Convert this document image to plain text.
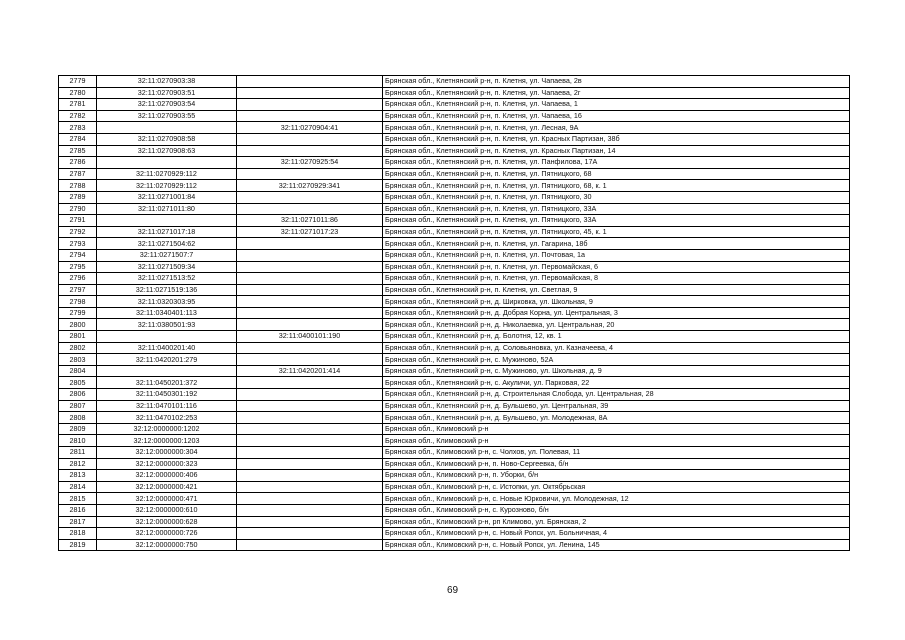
2779	32:11:0270903:38		Брянская обл., Клетнянский р-н, п. Клетня, ул. Чапаева, 2в
2780	32:11:0270903:51		Брянская обл., Клетнянский р-н, п. Клетня, ул. Чапаева, 2г
2781	32:11:0270903:54		Брянская обл., Клетнянский р-н, п. Клетня, ул. Чапаева, 1
2782	32:11:0270903:55		Брянская обл., Клетнянский р-н, п. Клетня, ул. Чапаева, 16
2783		32:11:0270904:41	Брянская обл., Клетнянский р-н, п. Клетня, ул. Лесная, 9А
2784	32:11:0270908:58		Брянская обл., Клетнянский р-н, п. Клетня, ул. Красных Партизан, 38б
2785	32:11:0270908:63		Брянская обл., Клетнянский р-н, п. Клетня, ул. Красных Партизан, 14
2786		32:11:0270925:54	Брянская обл., Клетнянский р-н, п. Клетня, ул. Панфилова, 17А
2787	32:11:0270929:112		Брянская обл., Клетнянский р-н, п. Клетня, ул. Пятницкого, 68
2788	32:11:0270929:112	32:11:0270929:341	Брянская обл., Клетнянский р-н, п. Клетня, ул. Пятницкого, 68, к. 1
2789	32:11:0271001:84		Брянская обл., Клетнянский р-н, п. Клетня, ул. Пятницкого, 30
2790	32:11:0271011:80		Брянская обл., Клетнянский р-н, п. Клетня, ул. Пятницкого, 33А
2791		32:11:0271011:86	Брянская обл., Клетнянский р-н, п. Клетня, ул. Пятницкого, 33А
2792	32:11:0271017:18	32:11:0271017:23	Брянская обл., Клетнянский р-н, п. Клетня, ул. Пятницкого, 45, к. 1
2793	32:11:0271504:62		Брянская обл., Клетнянский р-н, п. Клетня, ул. Гагарина, 18б
2794	32:11:0271507:7		Брянская обл., Клетнянский р-н, п. Клетня, ул. Почтовая, 1а
2795	32:11:0271509:34		Брянская обл., Клетнянский р-н, п. Клетня, ул. Первомайская, 6
2796	32:11:0271513:52		Брянская обл., Клетнянский р-н, п. Клетня, ул. Первомайская, 8
2797	32:11:0271519:136		Брянская обл., Клетнянский р-н, п. Клетня, ул. Светлая, 9
2798	32:11:0320303:95		Брянская обл., Клетнянский р-н, д. Ширковка, ул. Школьная, 9
2799	32:11:0340401:113		Брянская обл., Клетнянский р-н, д. Добрая Корна, ул. Центральная, 3
2800	32:11:0380501:93		Брянская обл., Клетнянский р-н, д. Николаевка, ул. Центральная, 20
2801		32:11:0400101:190	Брянская обл., Клетнянский р-н, д. Болотня, 12, кв. 1
2802	32:11:0400201:40		Брянская обл., Клетнянский р-н, д. Соловьяновка, ул. Казначеева, 4
2803	32:11:0420201:279		Брянская обл., Клетнянский р-н, с. Мужиново, 52А
2804		32:11:0420201:414	Брянская обл., Клетнянский р-н, с. Мужиново, ул. Школьная, д. 9
2805	32:11:0450201:372		Брянская обл., Клетнянский р-н, с. Акуличи, ул. Парковая, 22
2806	32:11:0450301:192		Брянская обл., Клетнянский р-н, д. Строительная Слобода, ул. Центральная, 28
2807	32:11:0470101:116		Брянская обл., Клетнянский р-н, д. Бульшево, ул. Центральная, 39
2808	32:11:0470102:253		Брянская обл., Клетнянский р-н, д. Бульшево, ул. Молодежная, 8А
2809	32:12:0000000:1202		Брянская обл., Климовский р-н
2810	32:12:0000000:1203		Брянская обл., Климовский р-н
2811	32:12:0000000:304		Брянская обл., Климовский р-н, с. Чолхов, ул. Полевая, 11
2812	32:12:0000000:323		Брянская обл., Климовский р-н, п. Ново-Сергеевка, б/н
2813	32:12:0000000:406		Брянская обл., Климовский р-н, п. Уборки, б/н
2814	32:12:0000000:421		Брянская обл., Климовский р-н, с. Истопки, ул. Октябрьская
2815	32:12:0000000:471		Брянская обл., Климовский р-н, с. Новые Юрковичи, ул. Молодежная, 12
2816	32:12:0000000:610		Брянская обл., Климовский р-н, с. Курозново, б/н
2817	32:12:0000000:628		Брянская обл., Климовский р-н, рп Климово, ул. Брянская, 2
2818	32:12:0000000:726		Брянская обл., Климовский р-н, с. Новый Ропск, ул. Больничная, 4
2819	32:12:0000000:750		Брянская обл., Климовский р-н, с. Новый Ропск, ул. Ленина, 145
69
